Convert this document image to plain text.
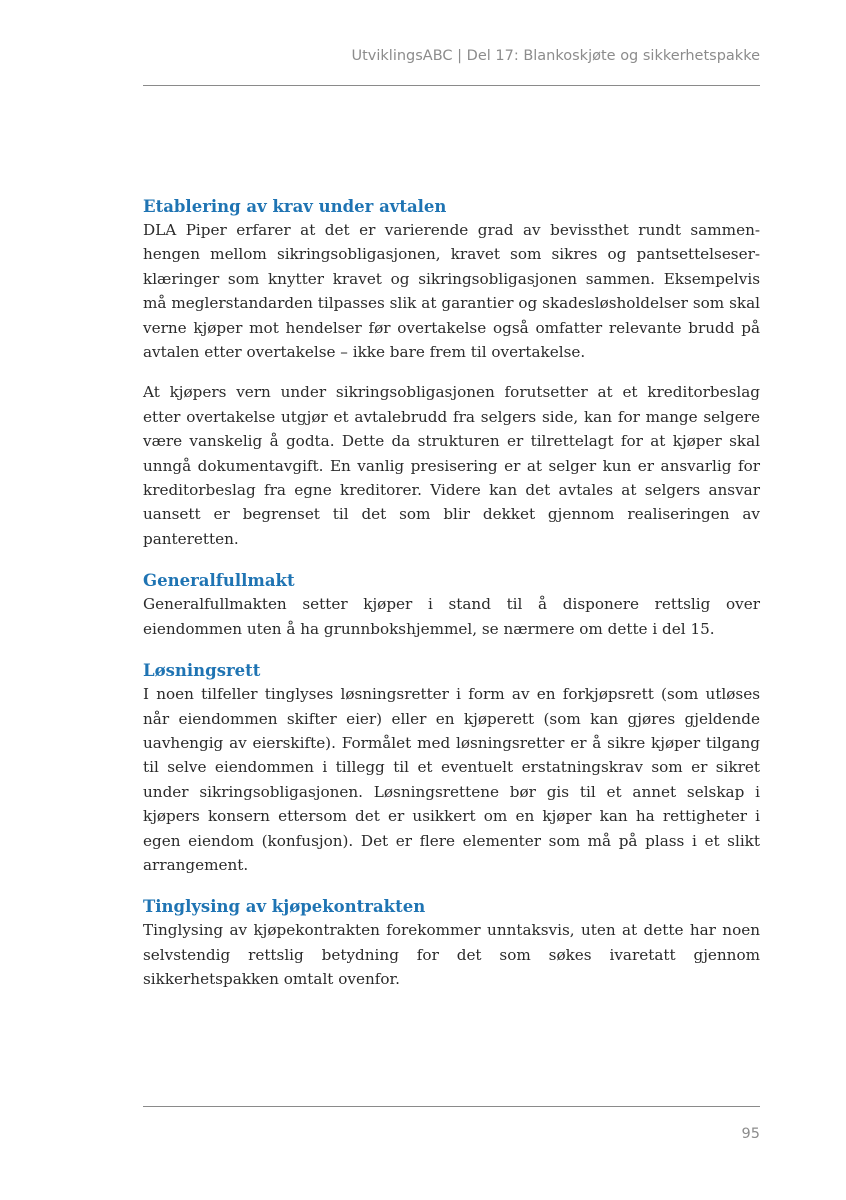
UtviklingsABC | Del 17: Blankoskjøte og sikkerhetspakke
Etablering av krav under avtalen

DLA Piper erfarer at det er varierende grad av bevissthet rundt sammenhengen mellom sikringsobligasjonen, kravet som sikres og pantsettelseserklæringer som knytter kravet og sikringsobligasjonen sammen. Eksempelvis må meglerstandarden tilpasses slik at garantier og skadesløsholdelser som skal verne kjøper mot hendelser før overtakelse også omfatter relevante brudd på avtalen etter overtakelse – ikke bare frem til overtakelse.

At kjøpers vern under sikringsobligasjonen forutsetter at et kreditorbeslag etter overtakelse utgjør et avtalebrudd fra selgers side, kan for mange selgere være vanskelig å godta. Dette da strukturen er tilrettelagt for at kjøper skal unngå dokumentavgift. En vanlig presisering er at selger kun er ansvarlig for kreditorbeslag fra egne kreditorer. Videre kan det avtales at selgers ansvar uansett er begrenset til det som blir dekket gjennom realiseringen av panteretten.

Generalfullmakt

Generalfullmakten setter kjøper i stand til å disponere rettslig over eiendommen uten å ha grunnbokshjemmel, se nærmere om dette i del 15.

Løsningsrett

I noen tilfeller tinglyses løsningsretter i form av en forkjøpsrett (som utløses når eiendommen skifter eier) eller en kjøperett (som kan gjøres gjeldende uavhengig av eierskifte). Formålet med løsningsretter er å sikre kjøper tilgang til selve eiendommen i tillegg til et eventuelt erstatningskrav som er sikret under sikringsobligasjonen. Løsningsrettene bør gis til et annet selskap i kjøpers konsern ettersom det er usikkert om en kjøper kan ha rettigheter i egen eiendom (konfusjon). Det er flere elementer som må på plass i et slikt arrangement.

Tinglysing av kjøpekontrakten

Tinglysing av kjøpekontrakten forekommer unntaksvis, uten at dette har noen selvstendig rettslig betydning for det som søkes ivaretatt gjennom sikkerhetspakken omtalt ovenfor.

95
